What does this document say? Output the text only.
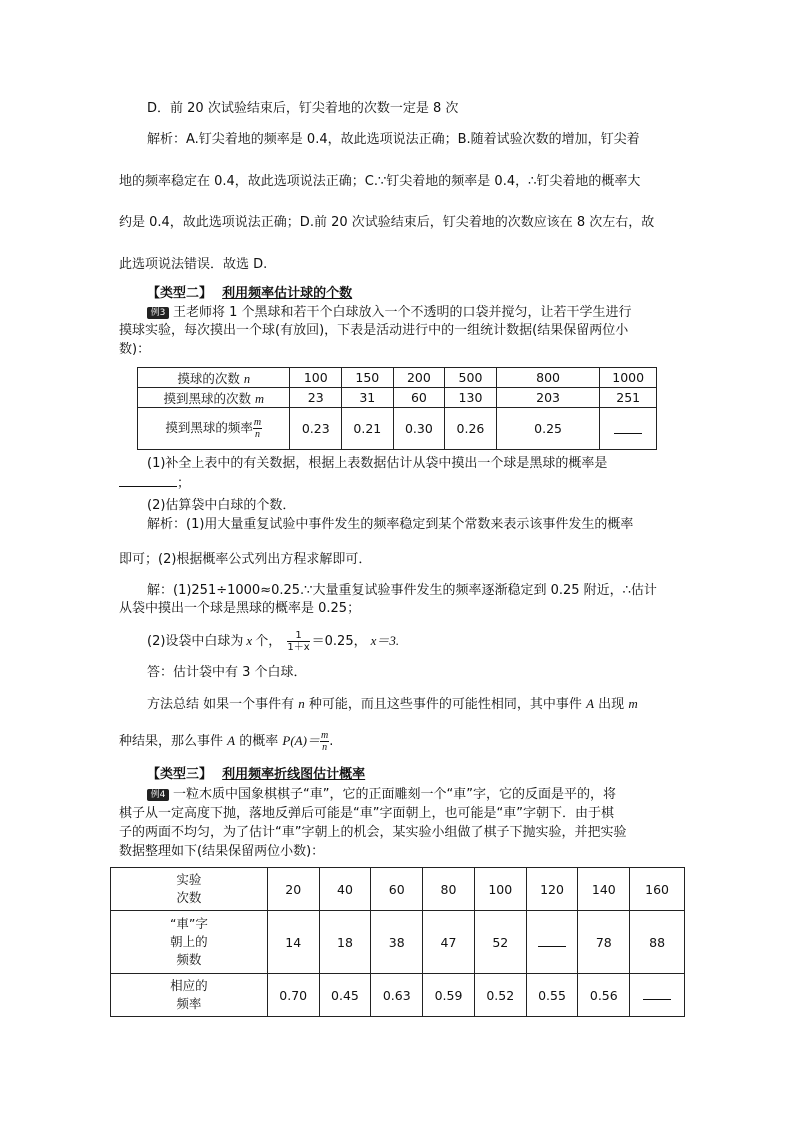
D．前 20 次试验结束后，钉尖着地的次数一定是 8 次
解析：A.钉尖着地的频率是 0.4，故此选项说法正确；B.随着试验次数的增加，钉尖着
地的频率稳定在 0.4，故此选项说法正确；C.∵钉尖着地的频率是 0.4，∴钉尖着地的概率大
约是 0.4，故此选项说法正确；D.前 20 次试验结束后，钉尖着地的次数应该在 8 次左右，故
此选项说法错误．故选 D.
【类型二】 利用频率估计球的个数
例3 王老师将 1 个黑球和若干个白球放入一个不透明的口袋并搅匀，让若干学生进行
摸球实验，每次摸出一个球(有放回)，下表是活动进行中的一组统计数据(结果保留两位小
数)：
摸球的次数 n	100	150	200	500	800	1000
摸到黑球的次数 m	23	31	60	130	203	251
摸到黑球的频率 $\frac{m}{n}$	0.23	0.21	0.30	0.26	0.25	
(1)补全上表中的有关数据，根据上表数据估计从袋中摸出一个球是黑球的概率是
；
(2)估算袋中白球的个数．
解析：(1)用大量重复试验中事件发生的频率稳定到某个常数来表示该事件发生的概率
即可；(2)根据概率公式列出方程求解即可．
解：(1)251÷1000≈0.25.∵大量重复试验事件发生的频率逐渐稳定到 0.25 附近，∴估计
从袋中摸出一个球是黑球的概率是 0.25；
(2)设袋中白球为 x 个， $\frac{1}{1+x} =0.25$， x＝3.
答：估计袋中有 3 个白球．
方法总结 如果一个事件有 n 种可能，而且这些事件的可能性相同，其中事件 A 出现 m
种结果，那么事件 A 的概率 $P(A)= \frac{m}{n}$ .
【类型三】 利用频率折线图估计概率
例4 一粒木质中国象棋棋子“車”，它的正面雕刻一个“車”字，它的反面是平的，将
棋子从一定高度下抛，落地反弹后可能是“車”字面朝上，也可能是“車”字朝下．由于棋
子的两面不均匀，为了估计“車”字朝上的机会，某实验小组做了棋子下抛实验，并把实验
数据整理如下(结果保留两位小数)：
实验
次数	20	40	60	80	100	120	140	160
“車”字
朝上的
频数	14	18	38	47	52		78	88
相应的
频率	0.70	0.45	0.63	0.59	0.52	0.55	0.56	
